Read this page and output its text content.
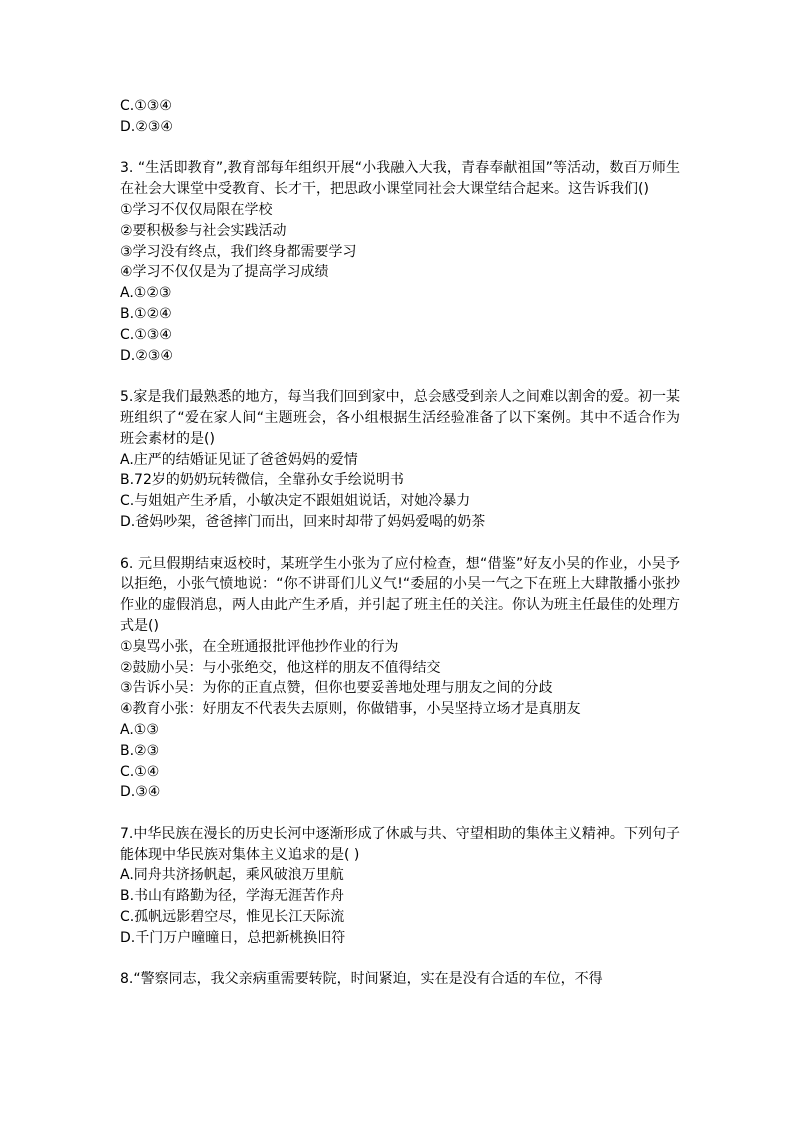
C.①③④

D.②③④

3. “生活即教育”,教育部每年组织开展“小我融入大我，青春奉献祖国”等活动，数百万师生在社会大课堂中受教育、长才干，把思政小课堂同社会大课堂结合起来。这告诉我们()

①学习不仅仅局限在学校

②要积极参与社会实践活动

③学习没有终点，我们终身都需要学习

④学习不仅仅是为了提高学习成绩

A.①②③

B.①②④

C.①③④

D.②③④

5.家是我们最熟悉的地方，每当我们回到家中，总会感受到亲人之间难以割舍的爱。初一某班组织了“爱在家人间“主题班会，各小组根据生活经验准备了以下案例。其中不适合作为班会素材的是()

A.庄严的结婚证见证了爸爸妈妈的爱情

B.72岁的奶奶玩转微信，全靠孙女手绘说明书

C.与姐姐产生矛盾，小敏决定不跟姐姐说话，对她冷暴力

D.爸妈吵架，爸爸摔门而出，回来时却带了妈妈爱喝的奶茶

6. 元旦假期结束返校时，某班学生小张为了应付检查，想“借鉴”好友小吴的作业，小吴予以拒绝，小张气愤地说：“你不讲哥们儿义气!“委屈的小吴一气之下在班上大肆散播小张抄作业的虚假消息，两人由此产生矛盾，并引起了班主任的关注。你认为班主任最佳的处理方式是()

①臭骂小张，在全班通报批评他抄作业的行为

②鼓励小吴：与小张绝交，他这样的朋友不值得结交

③告诉小吴：为你的正直点赞，但你也要妥善地处理与朋友之间的分歧

④教育小张：好朋友不代表失去原则，你做错事，小吴坚持立场才是真朋友

A.①③

B.②③

C.①④

D.③④

7.中华民族在漫长的历史长河中逐渐形成了休戚与共、守望相助的集体主义精神。下列句子能体现中华民族对集体主义追求的是( )

A.同舟共济扬帆起，乘风破浪万里航

B.书山有路勤为径，学海无涯苦作舟

C.孤帆远影碧空尽，惟见长江天际流

D.千门万户曈曈日，总把新桃换旧符

8.“警察同志，我父亲病重需要转院，时间紧迫，实在是没有合适的车位，不得
